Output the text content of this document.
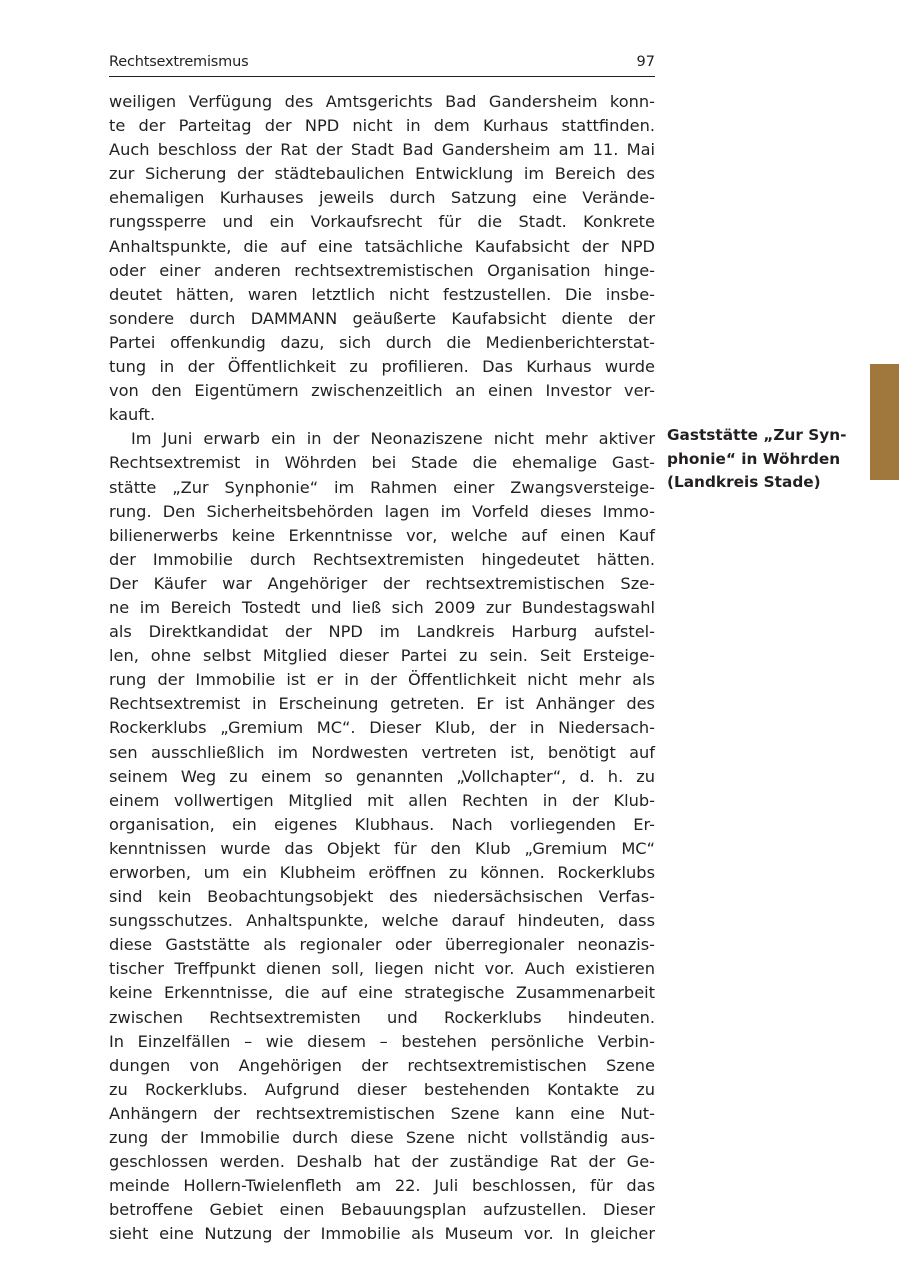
Rechtsextremismus	97
weiligen Verfügung des Amtsgerichts Bad Gandersheim konn-
te der Parteitag der NPD nicht in dem Kurhaus stattfinden.
Auch beschloss der Rat der Stadt Bad Gandersheim am 11. Mai
zur Sicherung der städtebaulichen Entwicklung im Bereich des
ehemaligen Kurhauses jeweils durch Satzung eine Verände-
rungssperre und ein Vorkaufsrecht für die Stadt. Konkrete
Anhaltspunkte, die auf eine tatsächliche Kaufabsicht der NPD
oder einer anderen rechtsextremistischen Organisation hinge-
deutet hätten, waren letztlich nicht festzustellen. Die insbe-
sondere durch DAMMANN geäußerte Kaufabsicht diente der
Partei offenkundig dazu, sich durch die Medienberichterstat-
tung in der Öffentlichkeit zu profilieren. Das Kurhaus wurde
von den Eigentümern zwischenzeitlich an einen Investor ver-
kauft.
Im Juni erwarb ein in der Neonaziszene nicht mehr aktiver
Rechtsextremist in Wöhrden bei Stade die ehemalige Gast-
stätte „Zur Synphonie“ im Rahmen einer Zwangsversteige-
rung. Den Sicherheitsbehörden lagen im Vorfeld dieses Immo-
bilienerwerbs keine Erkenntnisse vor, welche auf einen Kauf
der Immobilie durch Rechtsextremisten hingedeutet hätten.
Der Käufer war Angehöriger der rechtsextremistischen Sze-
ne im Bereich Tostedt und ließ sich 2009 zur Bundestagswahl
als Direktkandidat der NPD im Landkreis Harburg aufstel-
len, ohne selbst Mitglied dieser Partei zu sein. Seit Ersteige-
rung der Immobilie ist er in der Öffentlichkeit nicht mehr als
Rechtsextremist in Erscheinung getreten. Er ist Anhänger des
Rockerklubs „Gremium MC“. Dieser Klub, der in Niedersach-
sen ausschließlich im Nordwesten vertreten ist, benötigt auf
seinem Weg zu einem so genannten „Vollchapter“, d. h. zu
einem vollwertigen Mitglied mit allen Rechten in der Klub-
organisation, ein eigenes Klubhaus. Nach vorliegenden Er-
kenntnissen wurde das Objekt für den Klub „Gremium MC“
erworben, um ein Klubheim eröffnen zu können. Rockerklubs
sind kein Beobachtungsobjekt des niedersächsischen Verfas-
sungsschutzes. Anhaltspunkte, welche darauf hindeuten, dass
diese Gaststätte als regionaler oder überregionaler neonazis-
tischer Treffpunkt dienen soll, liegen nicht vor. Auch existieren
keine Erkenntnisse, die auf eine strategische Zusammenarbeit
zwischen Rechtsextremisten und Rockerklubs hindeuten.
In Einzelfällen – wie diesem – bestehen persönliche Verbin-
dungen von Angehörigen der rechtsextremistischen Szene
zu Rockerklubs. Aufgrund dieser bestehenden Kontakte zu
Anhängern der rechtsextremistischen Szene kann eine Nut-
zung der Immobilie durch diese Szene nicht vollständig aus-
geschlossen werden. Deshalb hat der zuständige Rat der Ge-
meinde Hollern-Twielenfleth am 22. Juli beschlossen, für das
betroffene Gebiet einen Bebauungsplan aufzustellen. Dieser
sieht eine Nutzung der Immobilie als Museum vor. In gleicher
Gaststätte „Zur Syn-
phonie“ in Wöhrden
(Landkreis Stade)
